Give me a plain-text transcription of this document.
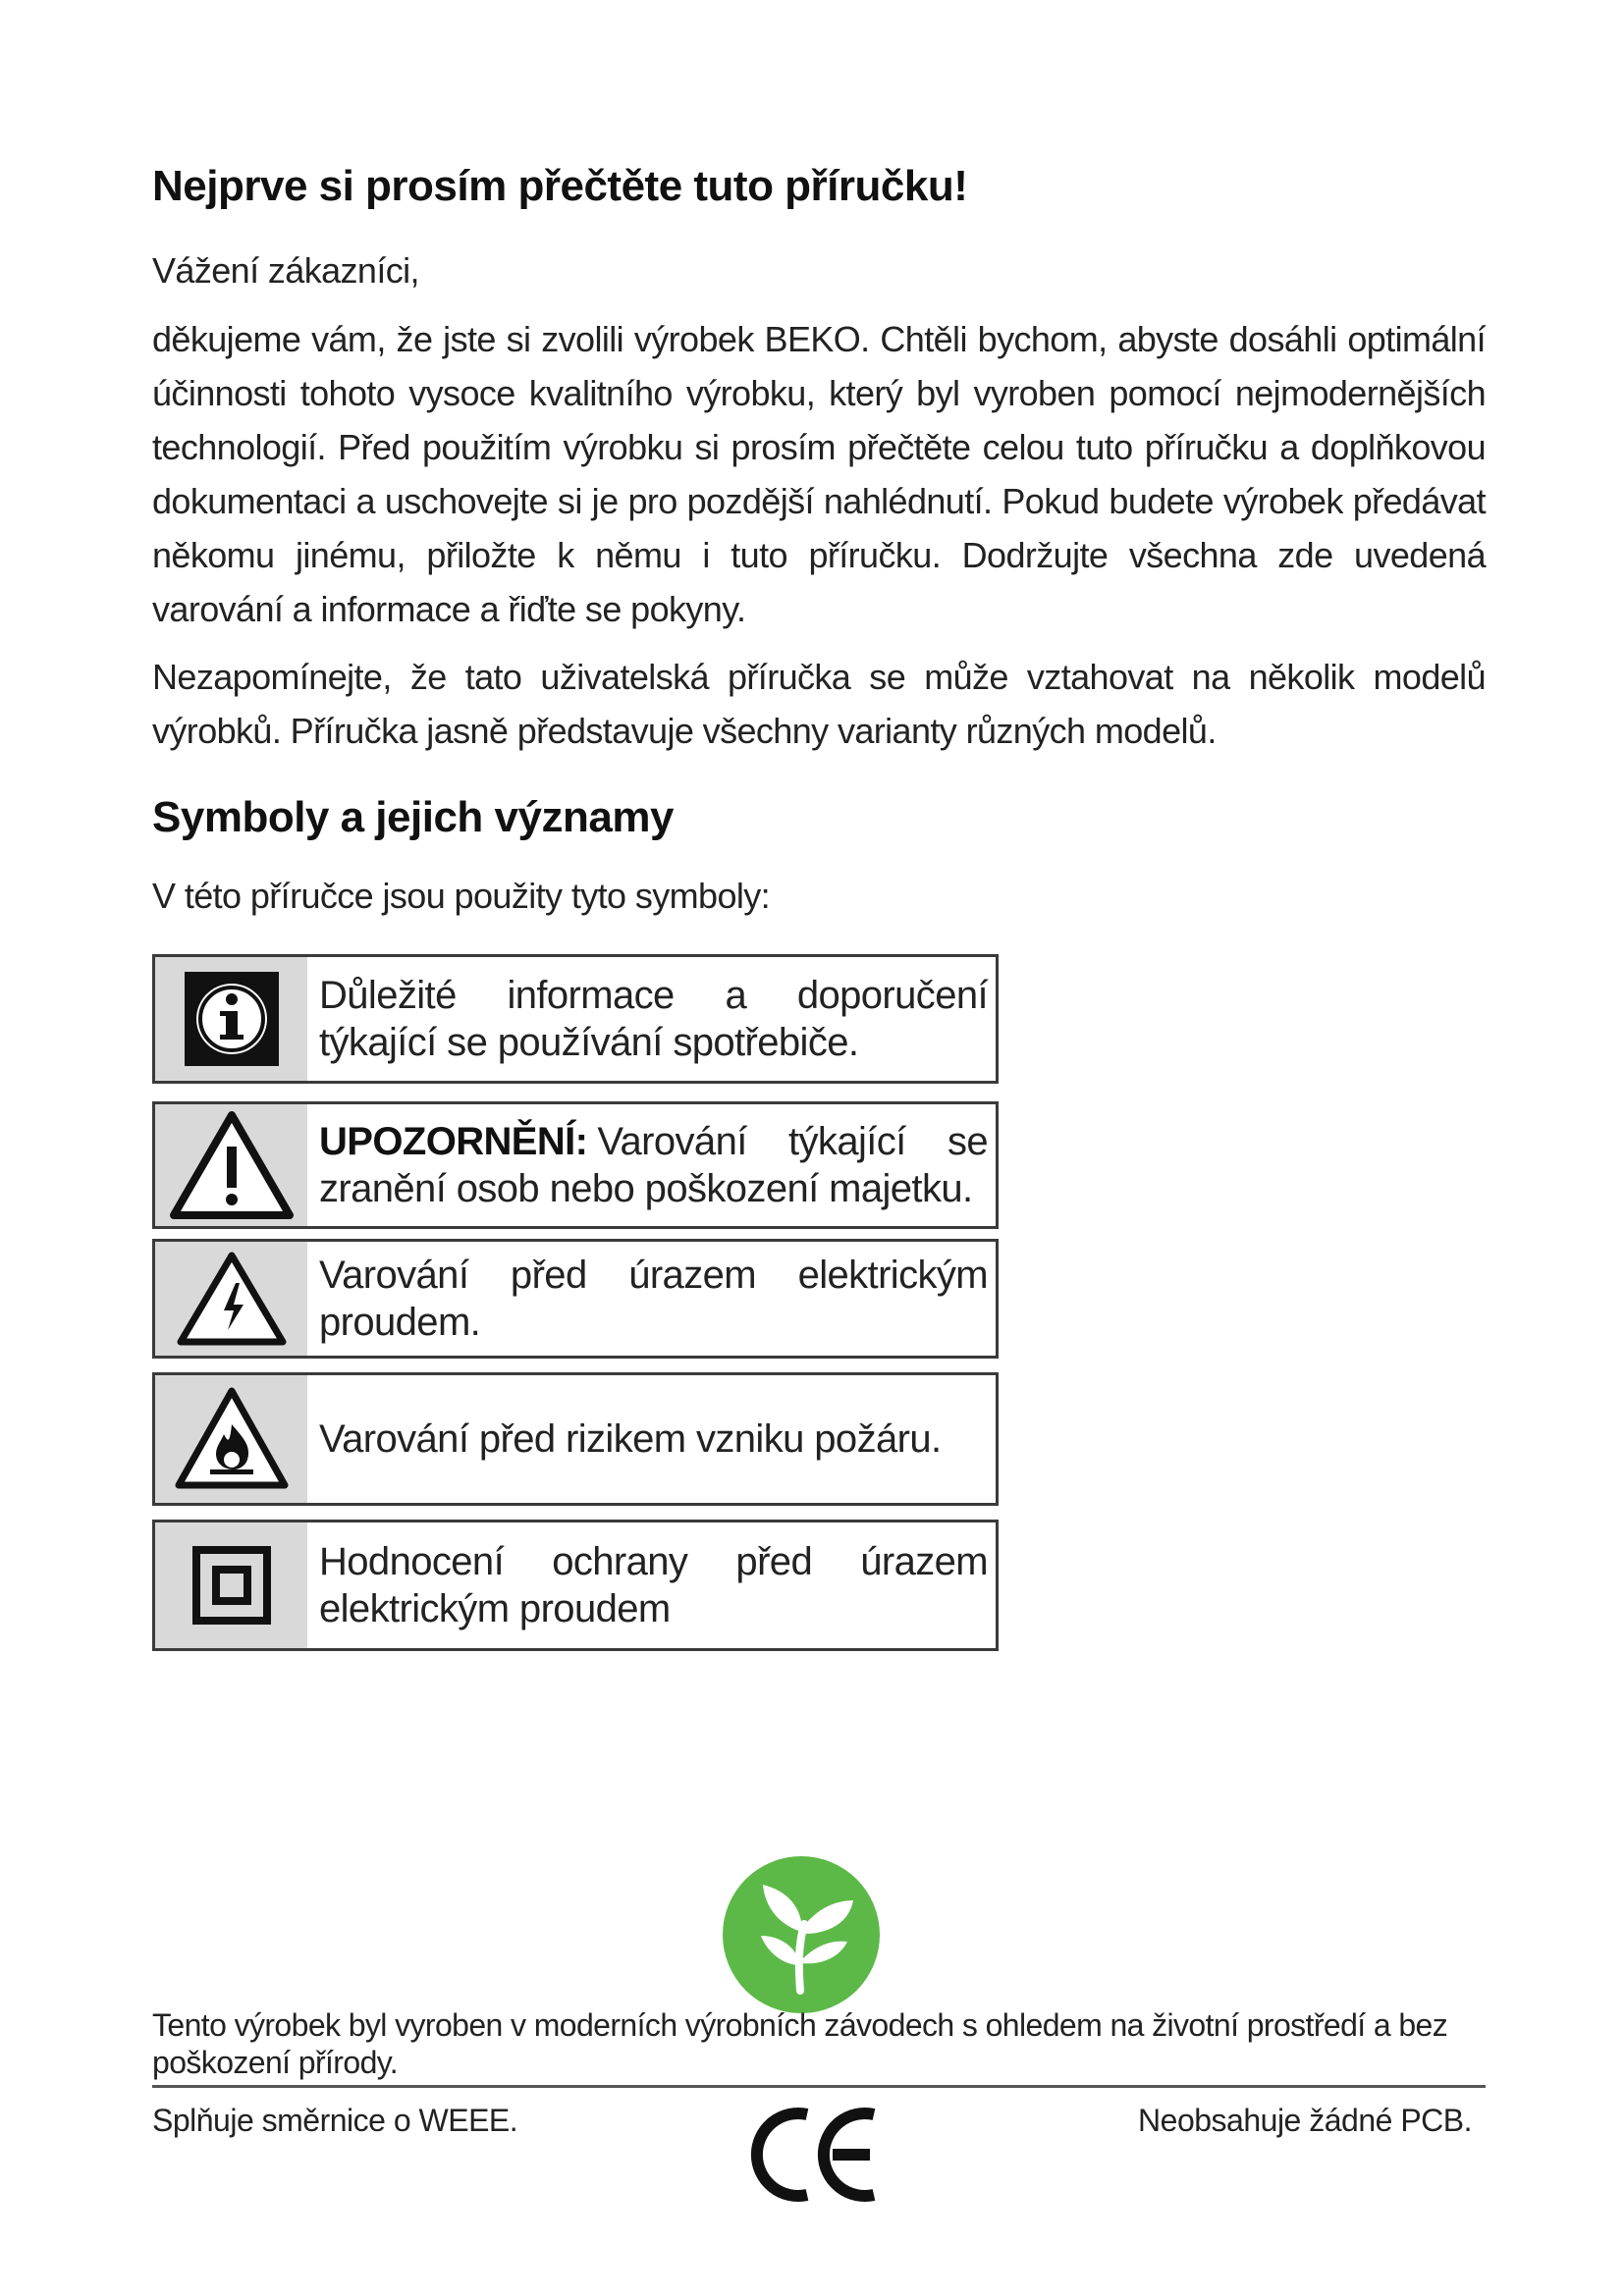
Nejprve si prosím přečtěte tuto příručku!
Vážení zákazníci,
děkujeme vám, že jste si zvolili výrobek BEKO. Chtěli bychom, abyste dosáhli optimální účinnosti tohoto vysoce kvalitního výrobku, který byl vyroben pomocí nejmodernějších technologií. Před použitím výrobku si prosím přečtěte celou tuto příručku a doplňkovou dokumentaci a uschovejte si je pro pozdější nahlédnutí. Pokud budete výrobek předávat někomu jinému, přiložte k němu i tuto příručku. Dodržujte všechna zde uvedená varování a informace a řiďte se pokyny.
Nezapomínejte, že tato uživatelská příručka se může vztahovat na několik modelů výrobků. Příručka jasně představuje všechny varianty různých modelů.
Symboly a jejich významy
V této příručce jsou použity tyto symboly:
Důležité informace a doporučení týkající se používání spotřebiče.
UPOZORNĚNÍ: Varování týkající se zranění osob nebo poškození majetku.
Varování před úrazem elektrickým proudem.
Varování před rizikem vzniku požáru.
Hodnocení ochrany před úrazem elektrickým proudem
Tento výrobek byl vyroben v moderních výrobních závodech s ohledem na životní prostředí a bez poškození přírody.
Splňuje směrnice o WEEE.	Neobsahuje žádné PCB.
